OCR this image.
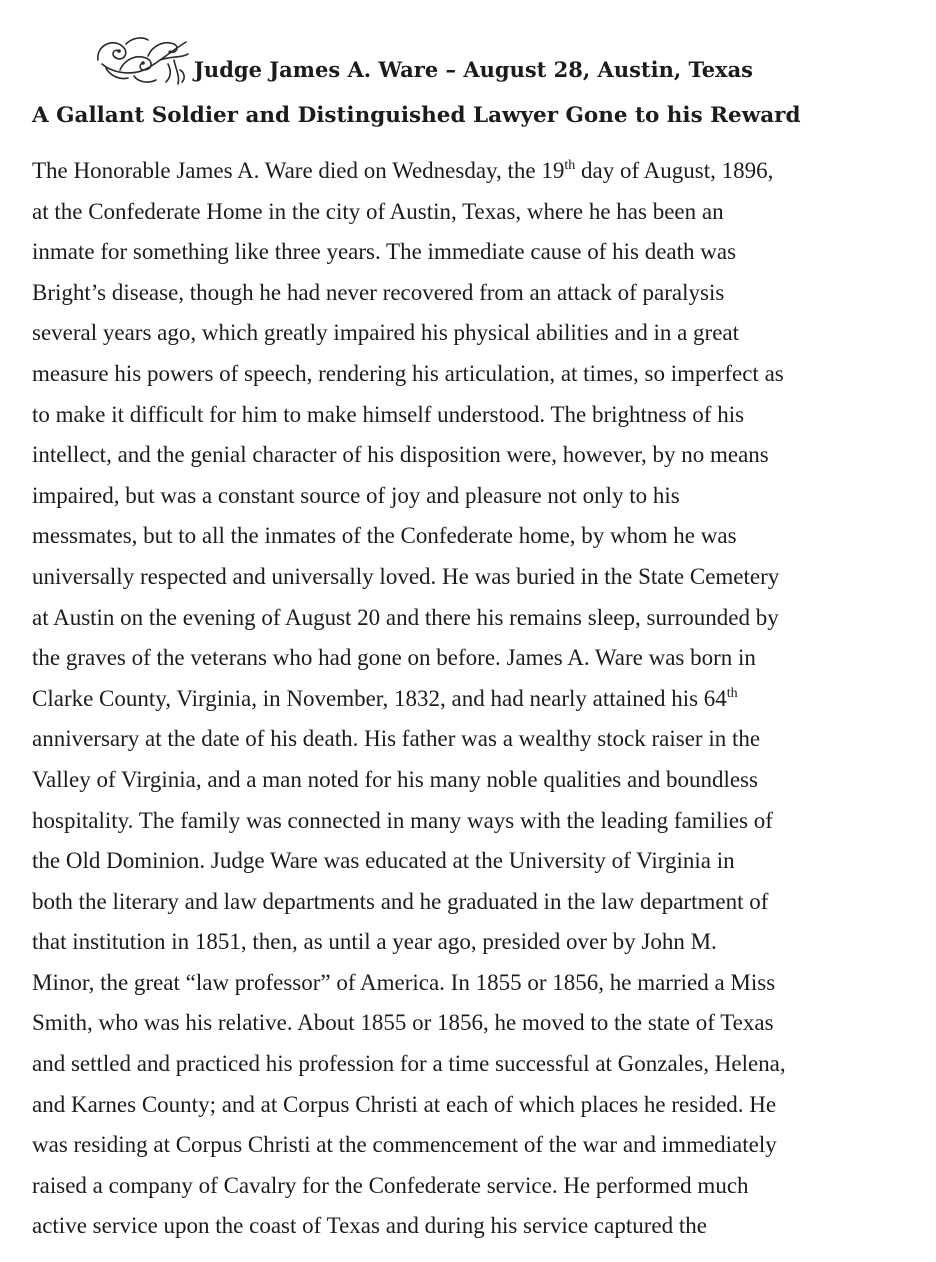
Judge James A. Ware – August 28, Austin, Texas
A Gallant Soldier and Distinguished Lawyer Gone to his Reward
The Honorable James A. Ware died on Wednesday, the 19th day of August, 1896,
at the Confederate Home in the city of Austin, Texas, where he has been an
inmate for something like three years. The immediate cause of his death was
Bright’s disease, though he had never recovered from an attack of paralysis
several years ago, which greatly impaired his physical abilities and in a great
measure his powers of speech, rendering his articulation, at times, so imperfect as
to make it difficult for him to make himself understood. The brightness of his
intellect, and the genial character of his disposition were, however, by no means
impaired, but was a constant source of joy and pleasure not only to his
messmates, but to all the inmates of the Confederate home, by whom he was
universally respected and universally loved. He was buried in the State Cemetery
at Austin on the evening of August 20 and there his remains sleep, surrounded by
the graves of the veterans who had gone on before. James A. Ware was born in
Clarke County, Virginia, in November, 1832, and had nearly attained his 64th
anniversary at the date of his death. His father was a wealthy stock raiser in the
Valley of Virginia, and a man noted for his many noble qualities and boundless
hospitality. The family was connected in many ways with the leading families of
the Old Dominion. Judge Ware was educated at the University of Virginia in
both the literary and law departments and he graduated in the law department of
that institution in 1851, then, as until a year ago, presided over by John M.
Minor, the great “law professor” of America. In 1855 or 1856, he married a Miss
Smith, who was his relative. About 1855 or 1856, he moved to the state of Texas
and settled and practiced his profession for a time successful at Gonzales, Helena,
and Karnes County; and at Corpus Christi at each of which places he resided. He
was residing at Corpus Christi at the commencement of the war and immediately
raised a company of Cavalry for the Confederate service. He performed much
active service upon the coast of Texas and during his service captured the
